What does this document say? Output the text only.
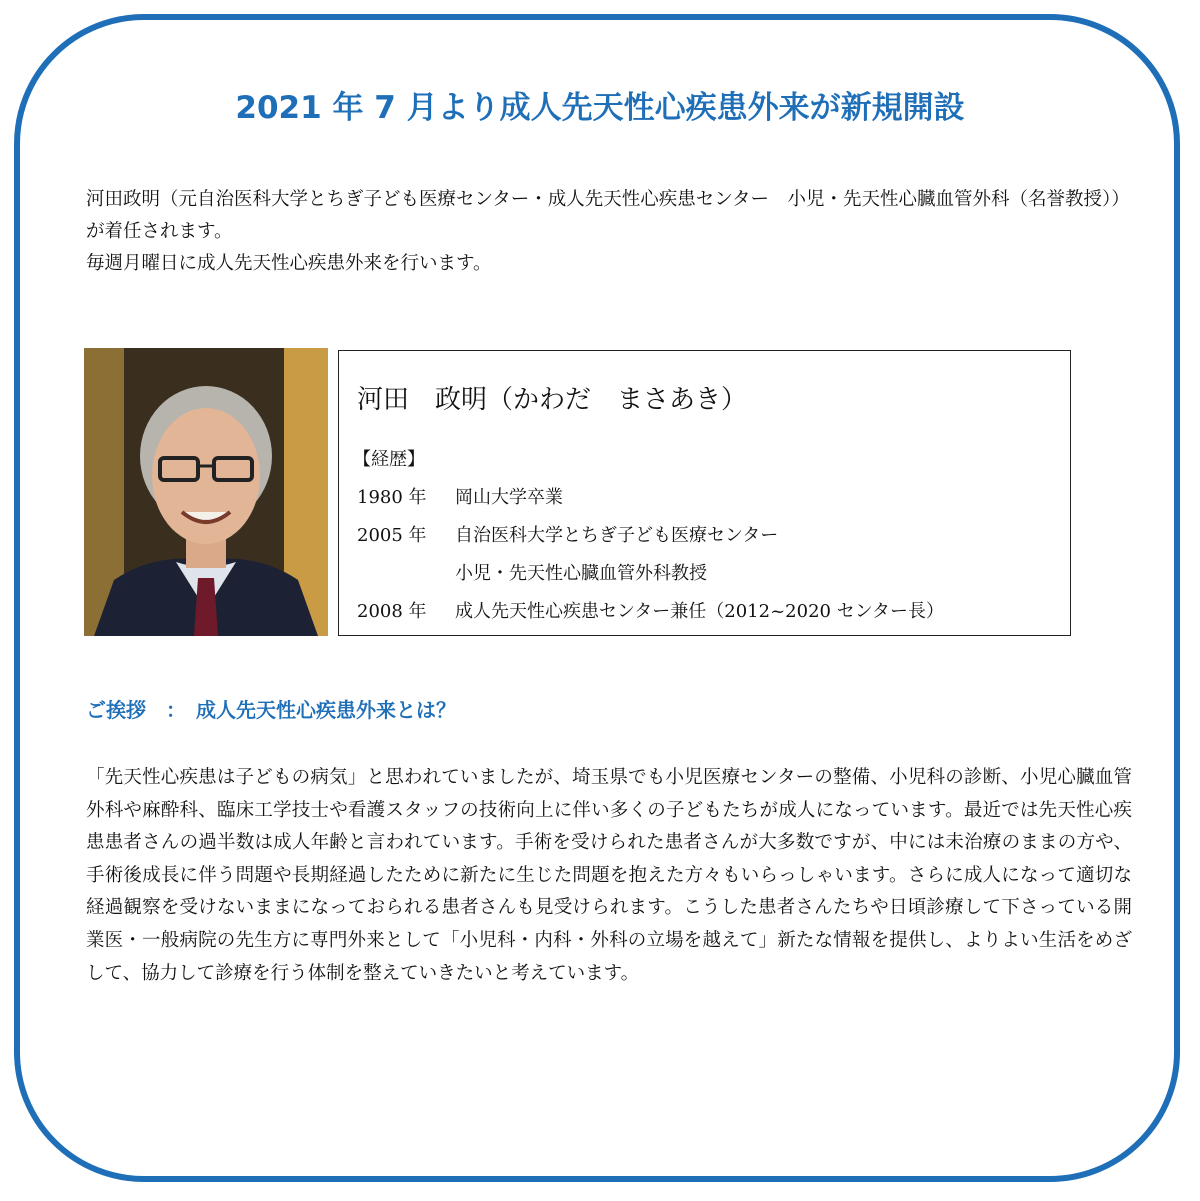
2021 年 7 月より成人先天性心疾患外来が新規開設

河田政明（元自治医科大学とちぎ子ども医療センター・成人先天性心疾患センター　小児・先天性心臓血管外科（名誉教授））が着任されます。

毎週月曜日に成人先天性心疾患外来を行います。

河田　政明（かわだ　まさあき）
【経歴】
1980 年 岡山大学卒業
2005 年 自治医科大学とちぎ子ども医療センター
小児・先天性心臓血管外科教授
2008 年 成人先天性心疾患センター兼任（2012~2020 センター長）
ご挨拶　：　成人先天性心疾患外来とは？
「先天性心疾患は子どもの病気」と思われていましたが、埼玉県でも小児医療センターの整備、小児科の診断、小児心臓血管外科や麻酔科、臨床工学技士や看護スタッフの技術向上に伴い多くの子どもたちが成人になっています。最近では先天性心疾患患者さんの過半数は成人年齢と言われています。手術を受けられた患者さんが大多数ですが、中には未治療のままの方や、手術後成長に伴う問題や長期経過したために新たに生じた問題を抱えた方々もいらっしゃいます。さらに成人になって適切な経過観察を受けないままになっておられる患者さんも見受けられます。こうした患者さんたちや日頃診療して下さっている開業医・一般病院の先生方に専門外来として「小児科・内科・外科の立場を越えて」新たな情報を提供し、よりよい生活をめざして、協力して診療を行う体制を整えていきたいと考えています。
